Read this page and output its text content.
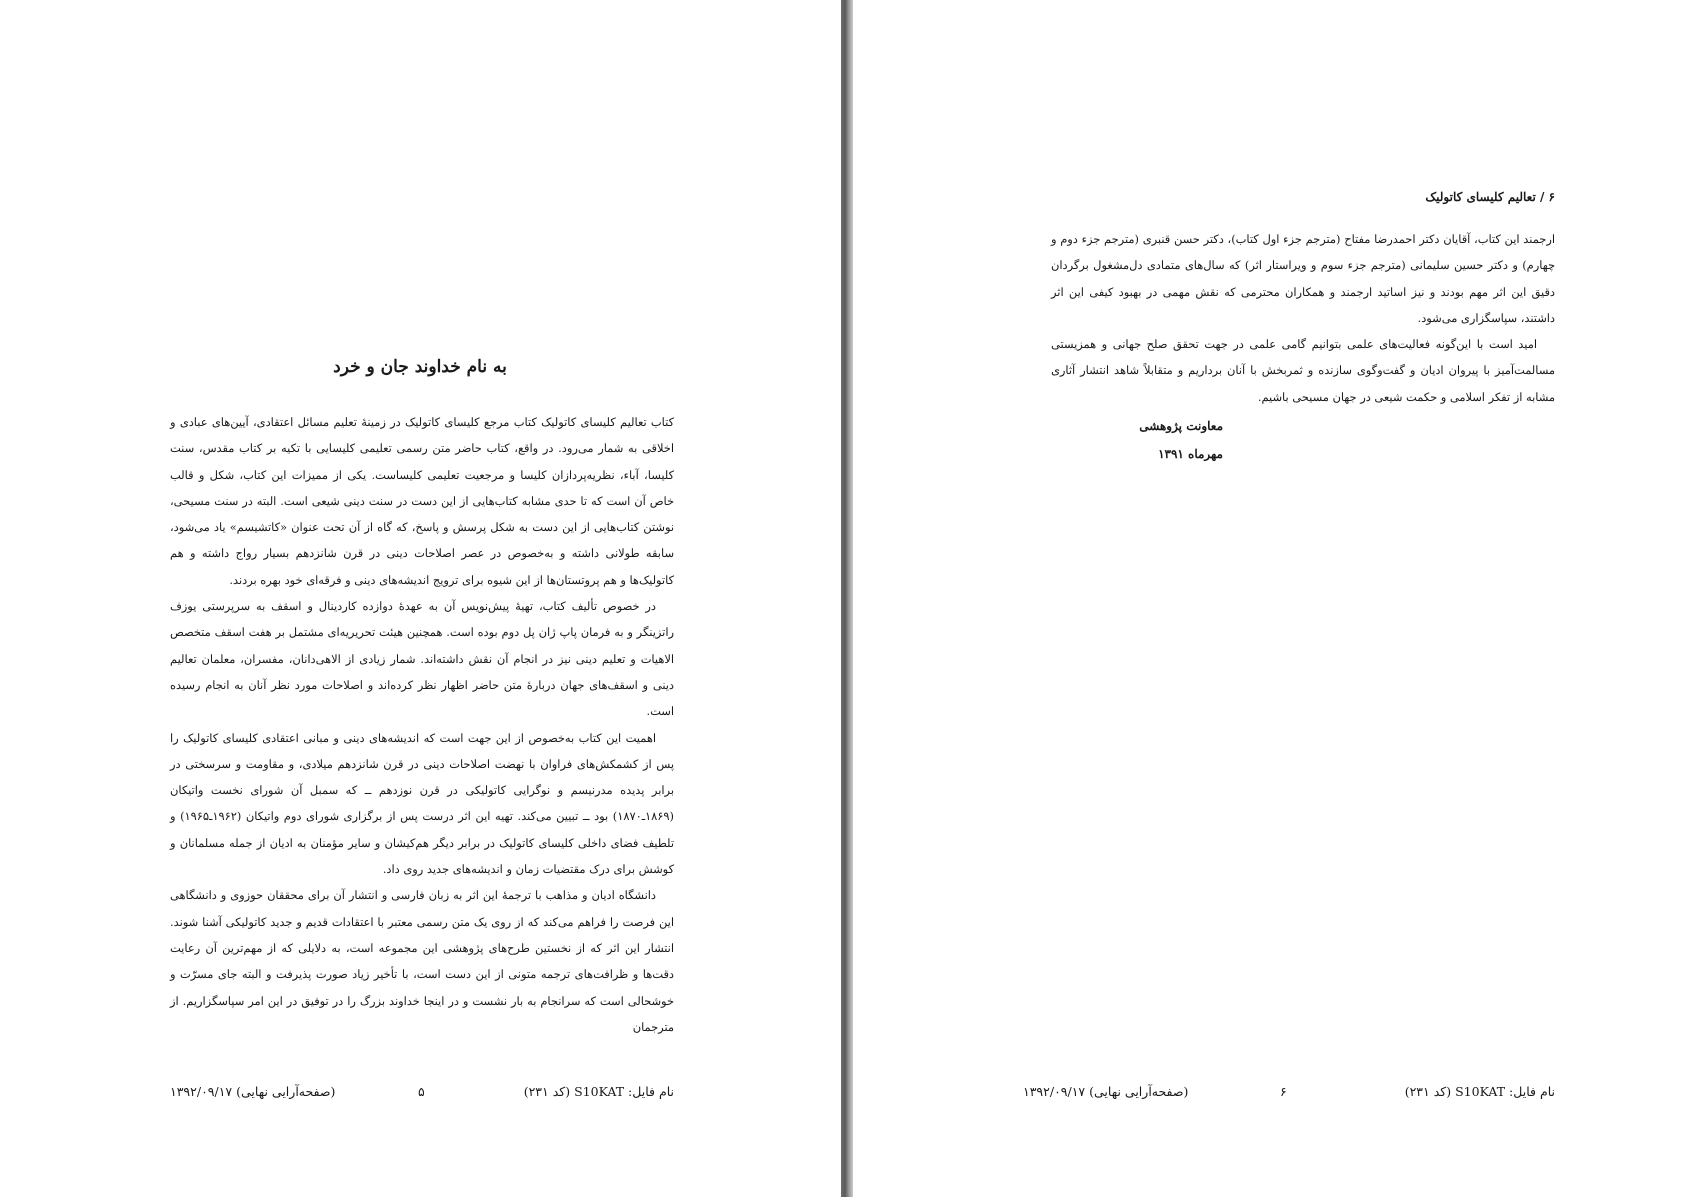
به نام خداوند جان و خرد

کتاب تعالیم کلیسای کاتولیک کتاب مرجع کلیسای کاتولیک در زمینهٔ تعلیم مسائل اعتقادی، آیین‌های عبادی و اخلاقی به شمار می‌رود. در واقع، کتاب حاضر متن رسمی تعلیمی کلیسایی با تکیه بر کتاب مقدس، سنت کلیسا، آباء، نظریه‌پردازان کلیسا و مرجعیت تعلیمی کلیساست. یکی از ممیزات این کتاب، شکل و قالب خاص آن است که تا حدی مشابه کتاب‌هایی از این دست در سنت دینی شیعی است. البته در سنت مسیحی، نوشتن کتاب‌هایی از این دست به شکل پرسش و پاسخ، که گاه از آن تحت عنوان «کاتشیسم» یاد می‌شود، سابقه طولانی داشته و به‌خصوص در عصر اصلاحات دینی در قرن شانزدهم بسیار رواج داشته و هم کاتولیک‌ها و هم پروتستان‌ها از این شیوه برای ترویج اندیشه‌های دینی و فرقه‌ای خود بهره بردند.

در خصوص تألیف کتاب، تهیهٔ پیش‌نویس آن به عهدهٔ دوازده کاردینال و اسقف به سرپرستی یوزف راتزینگر و به فرمان پاپ ژان پل دوم بوده است. همچنین هیئت تحریریه‌ای مشتمل بر هفت اسقف متخصص الاهیات و تعلیم دینی نیز در انجام آن نقش داشته‌اند. شمار زیادی از الاهی‌دانان، مفسران، معلمان تعالیم دینی و اسقف‌های جهان دربارهٔ متن حاضر اظهار نظر کرده‌اند و اصلاحات مورد نظر آنان به انجام رسیده است.

اهمیت این کتاب به‌خصوص از این جهت است که اندیشه‌های دینی و مبانی اعتقادی کلیسای کاتولیک را پس از کشمکش‌های فراوان با نهضت اصلاحات دینی در قرن شانزدهم میلادی، و مقاومت و سرسختی در برابر پدیده مدرنیسم و نوگرایی کاتولیکی در قرن نوزدهم ــ که سمبل آن شورای نخست واتیکان (۱۸۶۹ـ۱۸۷۰) بود ــ تبیین می‌کند. تهیه این اثر درست پس از برگزاری شورای دوم واتیکان (۱۹۶۲ـ۱۹۶۵) و تلطیف فضای داخلی کلیسای کاتولیک در برابر دیگر هم‌کیشان و سایر مؤمنان به ادیان از جمله مسلمانان و کوشش برای درک مقتضیات زمان و اندیشه‌های جدید روی داد.

دانشگاه ادیان و مذاهب با ترجمهٔ این اثر به زبان فارسی و انتشار آن برای محققان حوزوی و دانشگاهی این فرصت را فراهم می‌کند که از روی یک متن رسمی معتبر با اعتقادات قدیم و جدید کاتولیکی آشنا شوند. انتشار این اثر که از نخستین طرح‌های پژوهشی این مجموعه است، به دلایلی که از مهم‌ترین آن رعایت دقت‌ها و ظرافت‌های ترجمه متونی از این دست است، با تأخیر زیاد صورت پذیرفت و البته جای مسرّت و خوشحالی است که سرانجام به بار نشست و در اینجا خداوند بزرگ را در توفیق در این امر سپاسگزاریم. از مترجمان

نام فایل: S10KAT (کد ۲۳۱)
۵
(صفحه‌آرایی نهایی) ۱۳۹۲/۰۹/۱۷
۶ / تعالیم کلیسای کاتولیک

ارجمند این کتاب، آقایان دکتر احمدرضا مفتاح (مترجم جزء اول کتاب)، دکتر حسن قنبری (مترجم جزء دوم و چهارم) و دکتر حسین سلیمانی (مترجم جزء سوم و ویراستار اثر) که سال‌های متمادی دل‌مشغول برگردان دقیق این اثر مهم بودند و نیز اساتید ارجمند و همکاران محترمی که نقش مهمی در بهبود کیفی این اثر داشتند، سپاسگزاری می‌شود.

امید است با این‌گونه فعالیت‌های علمی بتوانیم گامی علمی در جهت تحقق صلح جهانی و همزیستی مسالمت‌آمیز با پیروان ادیان و گفت‌وگوی سازنده و ثمربخش با آنان برداریم و متقابلاً شاهد انتشار آثاری مشابه از تفکر اسلامی و حکمت شیعی در جهان مسیحی باشیم.

معاونت پژوهشی
مهرماه ۱۳۹۱
نام فایل: S10KAT (کد ۲۳۱)
۶
(صفحه‌آرایی نهایی) ۱۳۹۲/۰۹/۱۷
